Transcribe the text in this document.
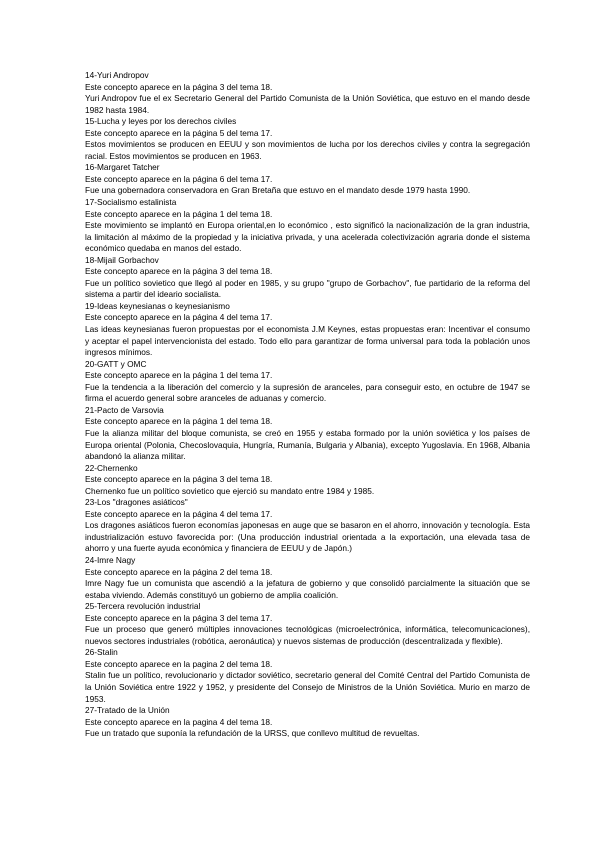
14-Yuri Andropov
Este concepto aparece en la página 3 del tema 18.
Yuri Andropov fue el ex Secretario General del Partido Comunista de la Unión Soviética, que estuvo en el mando desde 1982 hasta 1984.
15-Lucha y leyes por los derechos civiles
Este concepto aparece en la página 5 del tema 17.
Estos movimientos se producen en EEUU y son movimientos de lucha por los derechos civiles y contra la segregación racial. Estos movimientos se producen en 1963.
16-Margaret Tatcher
Este concepto aparece en la página 6 del tema 17.
Fue una gobernadora conservadora en Gran Bretaña que estuvo en el mandato desde 1979 hasta 1990.
17-Socialismo estalinista
Este concepto aparece en la página 1 del tema 18.
Este movimiento se implantó en Europa oriental,en lo económico , esto significó la nacionalización de la gran industria, la limitación al máximo de la propiedad y la iniciativa privada, y una acelerada colectivización agraria donde el sistema económico quedaba en manos del estado.
18-Mijail Gorbachov
Este concepto aparece en la página 3 del tema 18.
Fue un político sovietico que llegó al poder en 1985, y su grupo "grupo de Gorbachov", fue partidario de la reforma del sistema a partir del ideario socialista.
19-Ideas keynesianas o keynesianismo
Este concepto aparece en la página 4 del tema 17.
Las ideas keynesianas fueron propuestas por el economista J.M Keynes, estas propuestas eran: Incentivar el consumo y aceptar el papel intervencionista del estado. Todo ello para garantizar de forma universal para toda la población unos ingresos mínimos.
20-GATT y OMC
Este concepto aparece en la página 1 del tema 17.
Fue la tendencia a la liberación del comercio y la supresión de aranceles, para conseguir esto, en octubre de 1947 se firma el acuerdo general sobre aranceles de aduanas y comercio.
21-Pacto de Varsovia
Este concepto aparece en la página 1 del tema 18.
Fue la alianza militar del bloque comunista, se creó en 1955 y estaba formado por la unión soviética y los países de Europa oriental (Polonia, Checoslovaquia, Hungría, Rumanía, Bulgaria y Albania), excepto Yugoslavia. En 1968, Albania abandonó la alianza militar.
22-Chernenko
Este concepto aparece en la página 3 del tema 18.
Chernenko fue un político sovietico que ejerció su mandato entre 1984 y 1985.
23-Los "dragones asiáticos"
Este concepto aparece en la página 4 del tema 17.
Los dragones asiáticos fueron economías japonesas en auge que se basaron en el ahorro, innovación y tecnología. Esta industrialización estuvo favorecida por: (Una producción industrial orientada a la exportación, una elevada tasa de ahorro y una fuerte ayuda económica y financiera de EEUU y de Japón.)
24-Imre Nagy
Este concepto aparece en la página 2 del tema 18.
Imre Nagy fue un comunista que ascendió a la jefatura de gobierno y que consolidó parcialmente la situación que se estaba viviendo. Además constituyó un gobierno de amplia coalición.
25-Tercera revolución industrial
Este concepto aparece en la página 3 del tema 17.
Fue un proceso que generó múltiples innovaciones tecnológicas (microelectrónica, informática, telecomunicaciones), nuevos sectores industriales (robótica, aeronáutica) y nuevos sistemas de producción (descentralizada y flexible).
26-Stalin
Este concepto aparece en la pagina 2 del tema 18.
Stalin fue un político, revolucionario y dictador soviético, secretario general del Comité Central del Partido Comunista de la Unión Soviética entre 1922 y 1952, y presidente del Consejo de Ministros de la Unión Soviética. Murio en marzo de 1953.
27-Tratado de la Unión
Este concepto aparece en la pagina 4 del tema 18.
Fue un tratado que suponía la refundación de la URSS, que conllevo multitud de revueltas.
